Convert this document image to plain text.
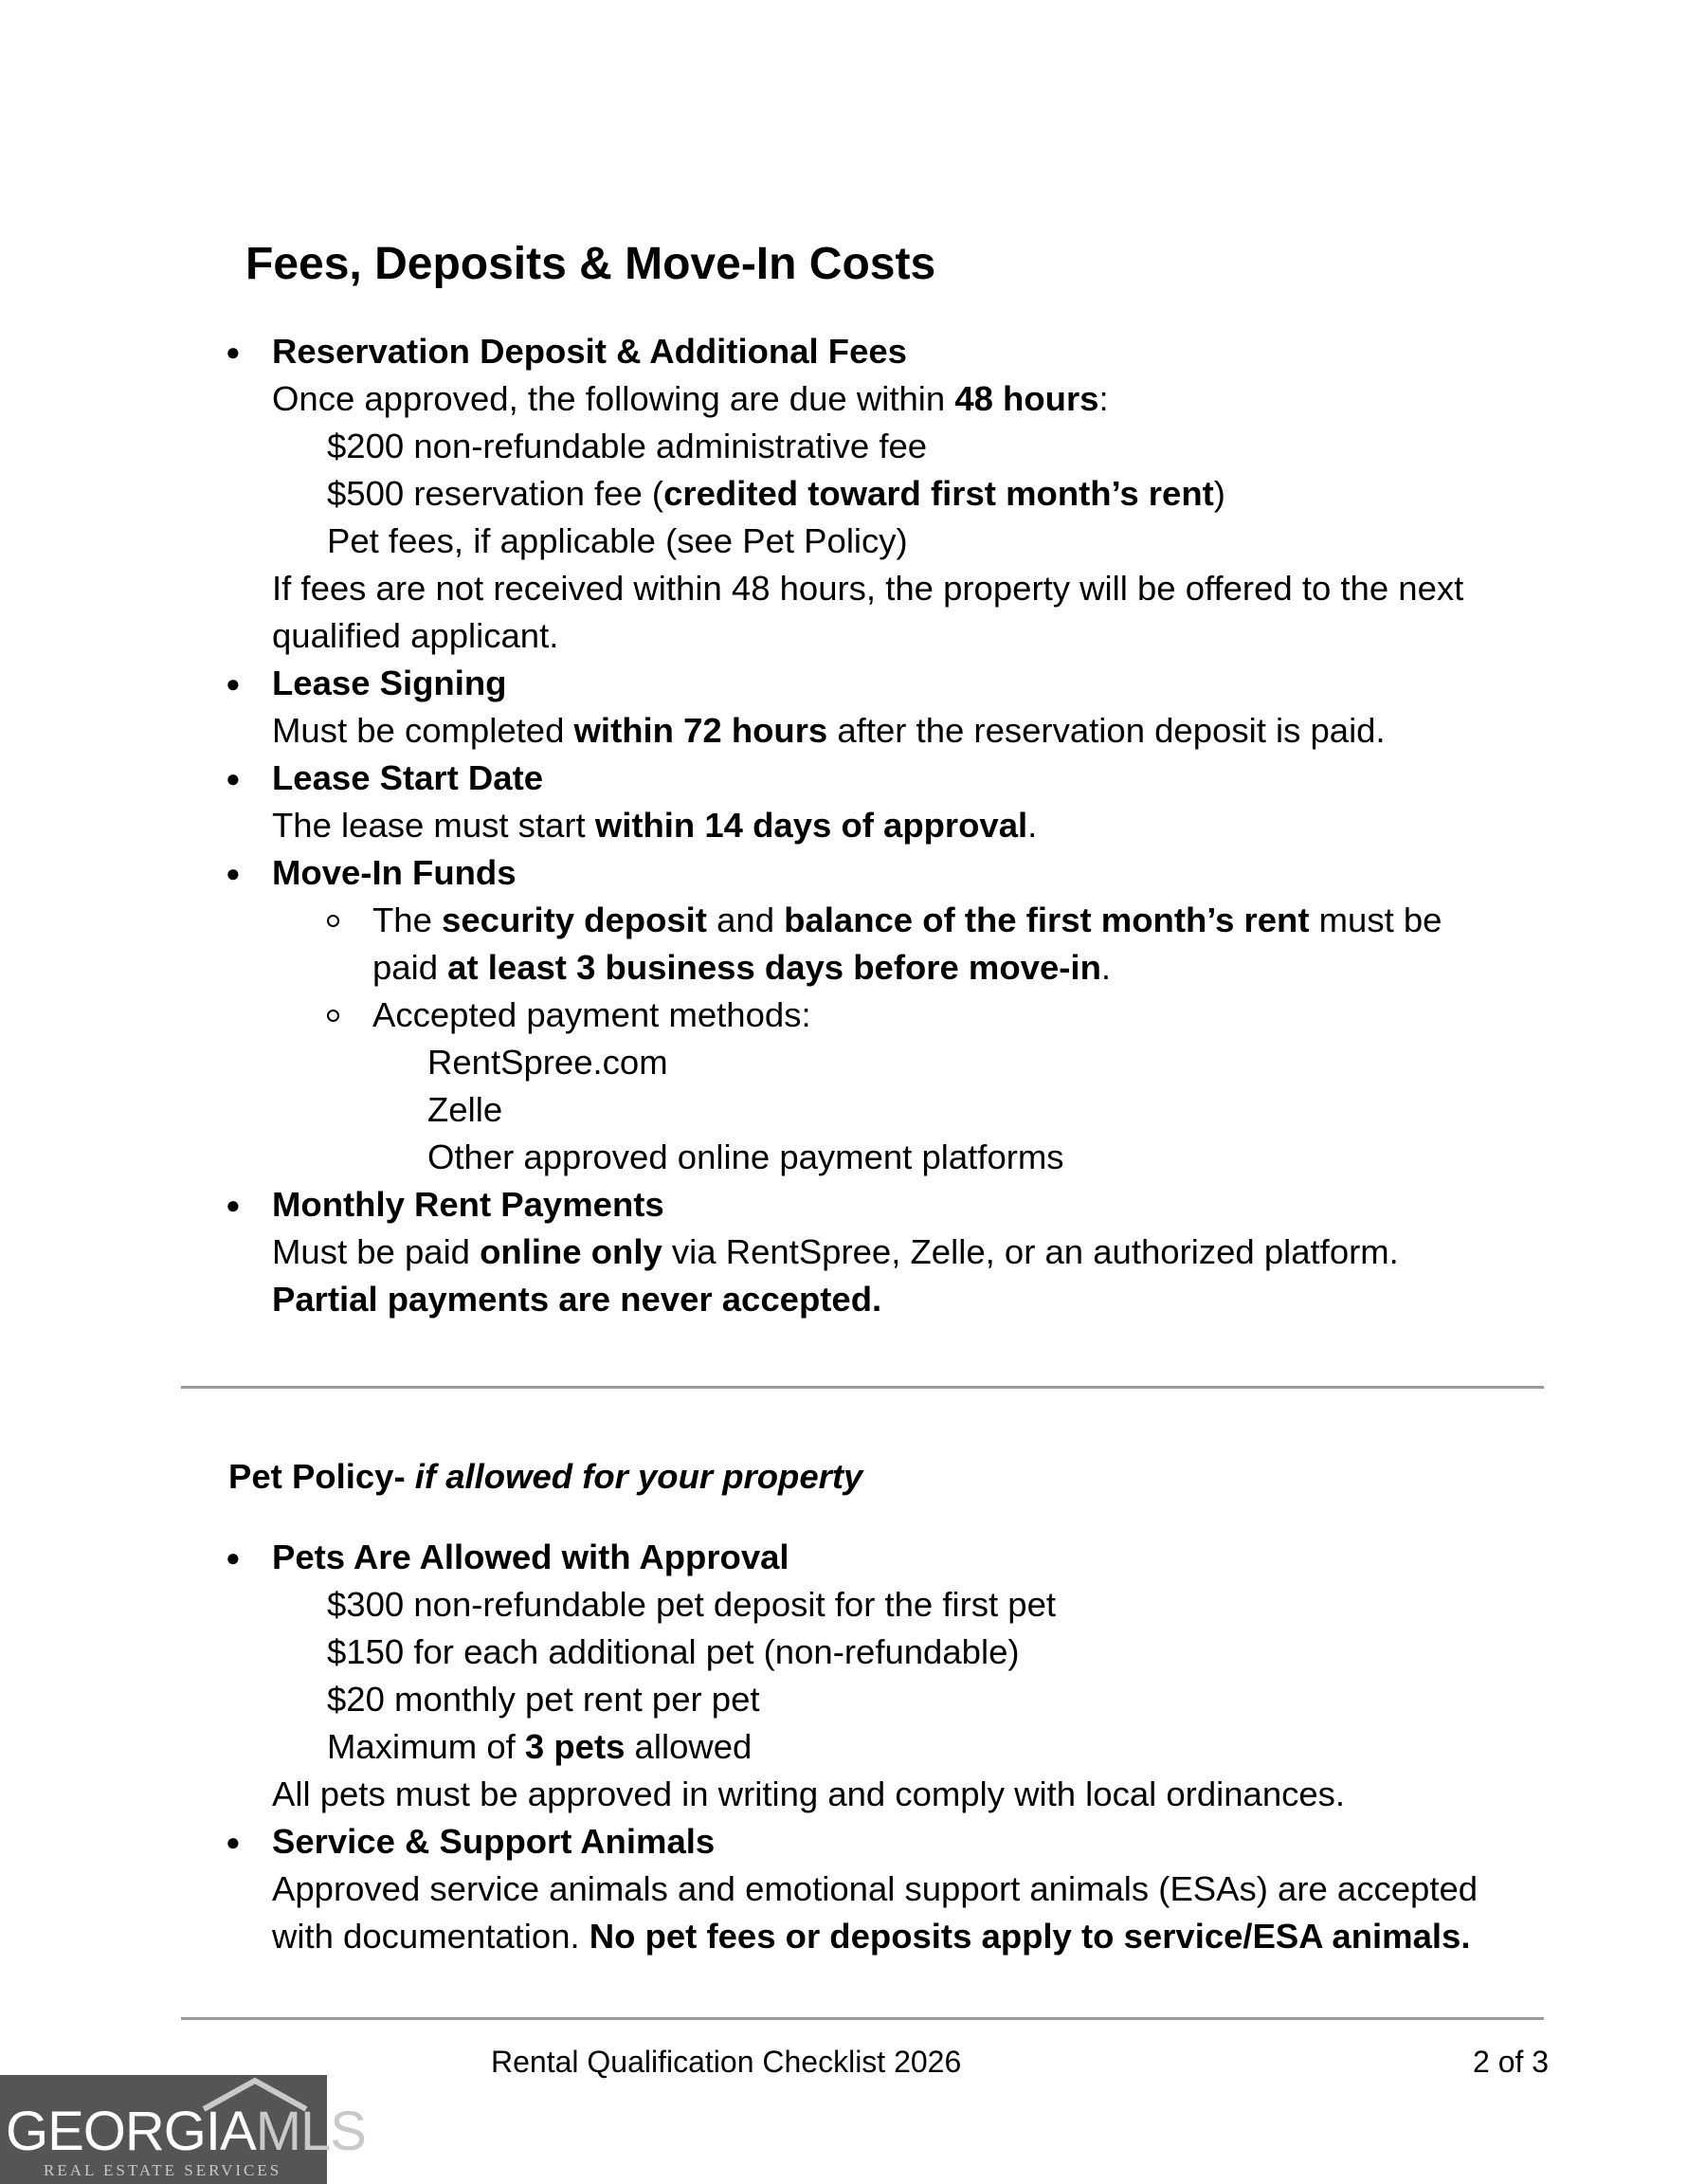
Fees, Deposits & Move-In Costs
● Reservation Deposit & Additional Fees
Once approved, the following are due within 48 hours:
$200 non-refundable administrative fee
$500 reservation fee (credited toward first month’s rent)
Pet fees, if applicable (see Pet Policy)
If fees are not received within 48 hours, the property will be offered to the next
qualified applicant.
● Lease Signing
Must be completed within 72 hours after the reservation deposit is paid.
● Lease Start Date
The lease must start within 14 days of approval.
● Move-In Funds
The security deposit and balance of the first month’s rent must be
paid at least 3 business days before move-in.
Accepted payment methods:
RentSpree.com
Zelle
Other approved online payment platforms
● Monthly Rent Payments
Must be paid online only via RentSpree, Zelle, or an authorized platform.
Partial payments are never accepted.
Pet Policy- if allowed for your property
● Pets Are Allowed with Approval
$300 non-refundable pet deposit for the first pet
$150 for each additional pet (non-refundable)
$20 monthly pet rent per pet
Maximum of 3 pets allowed
All pets must be approved in writing and comply with local ordinances.
● Service & Support Animals
Approved service animals and emotional support animals (ESAs) are accepted
with documentation. No pet fees or deposits apply to service/ESA animals.
Rental Qualification Checklist 2026	2 of 3
GEORGIAMLS
REAL ESTATE SERVICES
